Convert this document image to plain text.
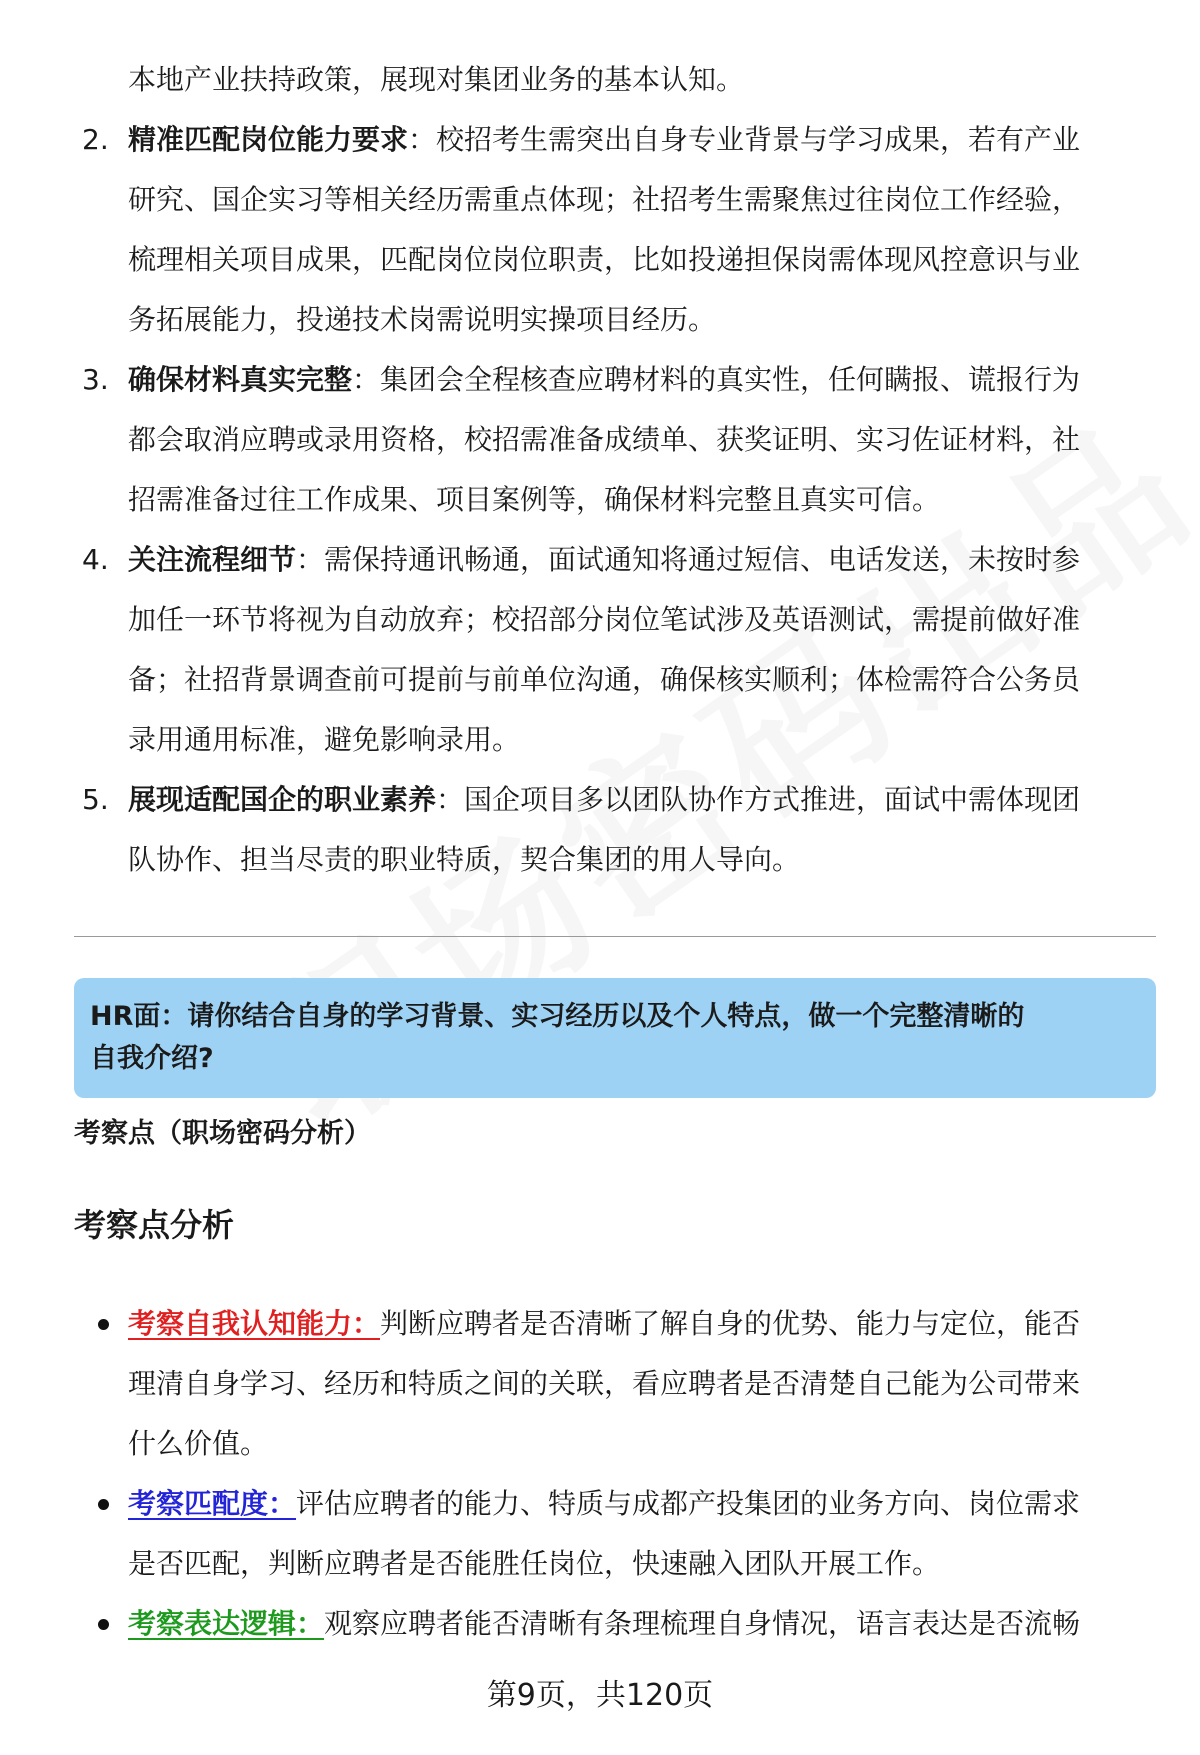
本地产业扶持政策，展现对集团业务的基本认知。
2. 精准匹配岗位能力要求：校招考生需突出自身专业背景与学习成果，若有产业
研究、国企实习等相关经历需重点体现；社招考生需聚焦过往岗位工作经验，
梳理相关项目成果，匹配岗位岗位职责，比如投递担保岗需体现风控意识与业
务拓展能力，投递技术岗需说明实操项目经历。
3. 确保材料真实完整：集团会全程核查应聘材料的真实性，任何瞒报、谎报行为
都会取消应聘或录用资格，校招需准备成绩单、获奖证明、实习佐证材料，社
招需准备过往工作成果、项目案例等，确保材料完整且真实可信。
4. 关注流程细节：需保持通讯畅通，面试通知将通过短信、电话发送，未按时参
加任一环节将视为自动放弃；校招部分岗位笔试涉及英语测试，需提前做好准
备；社招背景调查前可提前与前单位沟通，确保核实顺利；体检需符合公务员
录用通用标准，避免影响录用。
5. 展现适配国企的职业素养：国企项目多以团队协作方式推进，面试中需体现团
队协作、担当尽责的职业特质，契合集团的用人导向。
HR面：请你结合自身的学习背景、实习经历以及个人特点，做一个完整清晰的
自我介绍?
考察点（职场密码分析）
考察点分析
考察自我认知能力：判断应聘者是否清晰了解自身的优势、能力与定位，能否
理清自身学习、经历和特质之间的关联，看应聘者是否清楚自己能为公司带来
什么价值。
考察匹配度：评估应聘者的能力、特质与成都产投集团的业务方向、岗位需求
是否匹配，判断应聘者是否能胜任岗位，快速融入团队开展工作。
考察表达逻辑：观察应聘者能否清晰有条理梳理自身情况，语言表达是否流畅
第9页，共120页
